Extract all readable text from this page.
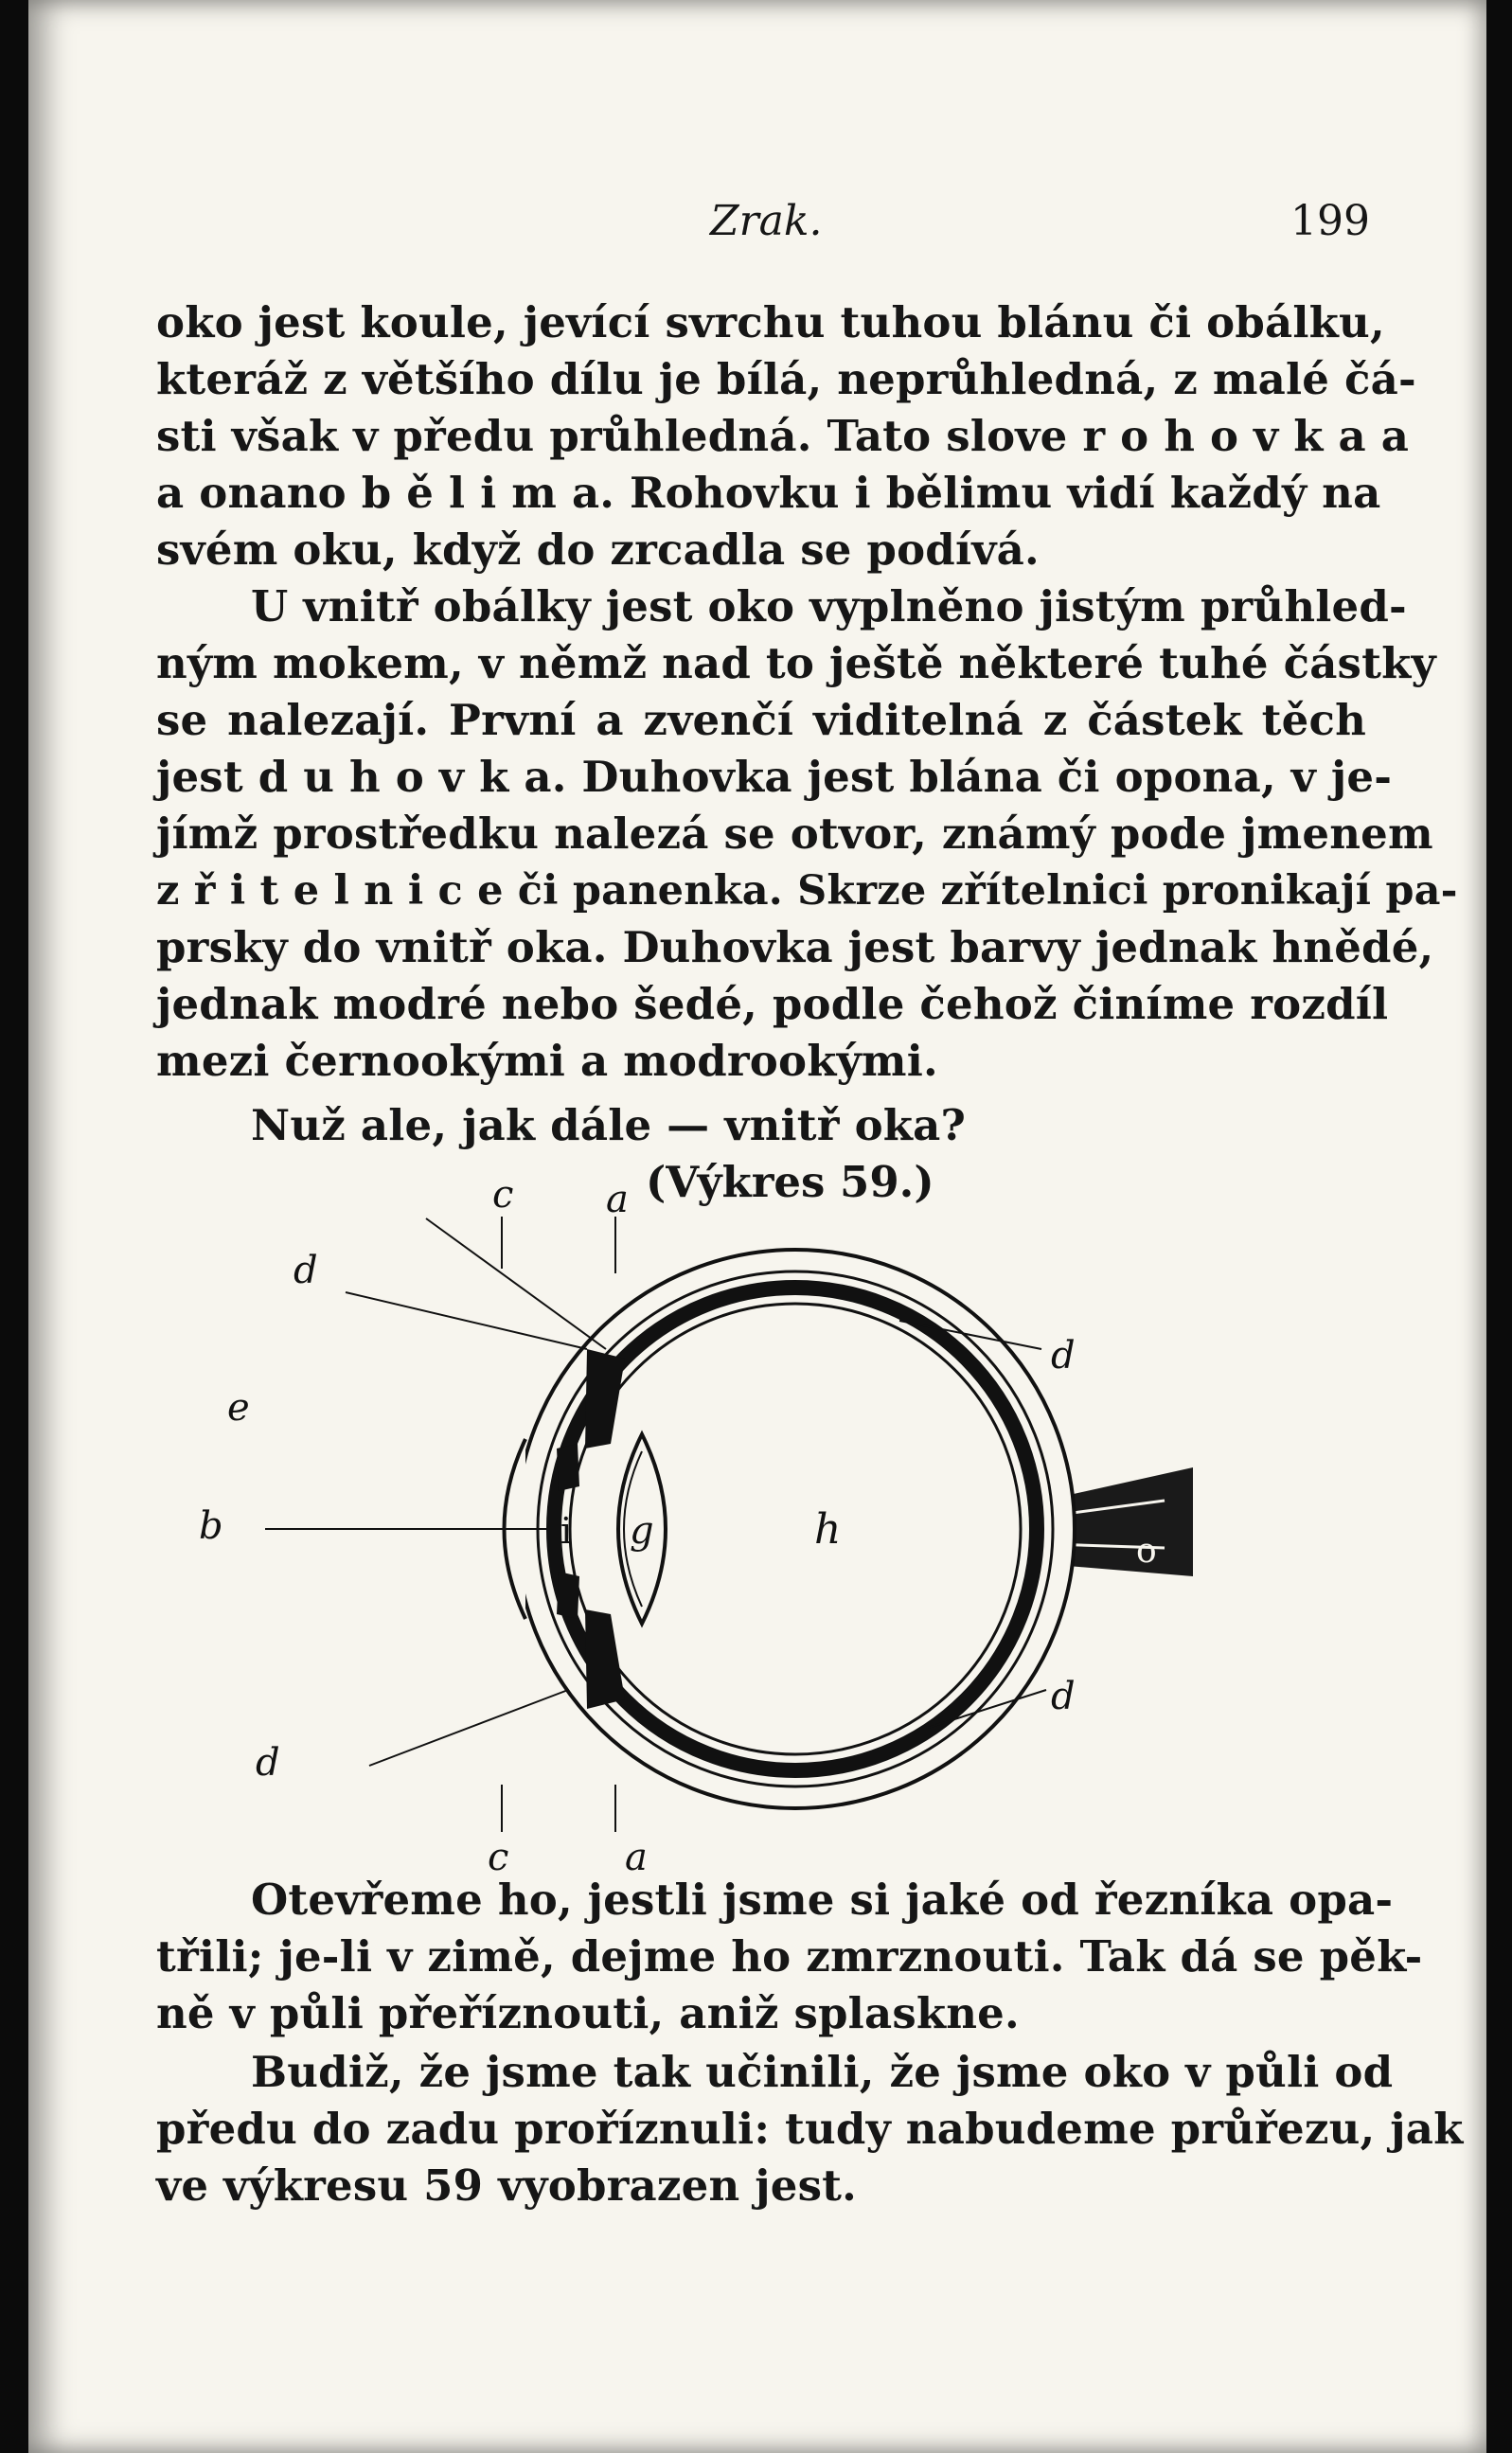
Zrak.	199
oko jest koule, jevící svrchu tuhou blánu či obálku,
kteráž z většího dílu je bílá, neprůhledná, z malé čá-
sti však v předu průhledná. Tato slove r o h o v k a a
a onano b ě l i m a. Rohovku i bělimu vidí každý na
svém oku, když do zrcadla se podívá.
U vnitř obálky jest oko vyplněno jistým průhled-
ným mokem, v němž nad to ještě některé tuhé částky
se nalezají. První a zvenčí viditelná z částek těch
jest d u h o v k a. Duhovka jest blána či opona, v je-
jímž prostředku nalezá se otvor, známý pode jmenem
z ř i t e l n i c e či panenka. Skrze zřítelnici pronikají pa-
prsky do vnitř oka. Duhovka jest barvy jednak hnědé,
jednak modré nebo šedé, podle čehož činíme rozdíl
mezi černookými a modrookými.
Nuž ale, jak dále — vnitř oka?
(Výkres 59.)
c a
d
d
e
b	i g	h	o
d
d
c	a
Otevřeme ho, jestli jsme si jaké od řezníka opa-
třili; je-li v zimě, dejme ho zmrznouti. Tak dá se pěk-
ně v půli přeříznouti, aniž splaskne.
Budiž, že jsme tak učinili, že jsme oko v půli od
předu do zadu proříznuli: tudy nabudeme průřezu, jak
ve výkresu 59 vyobrazen jest.
